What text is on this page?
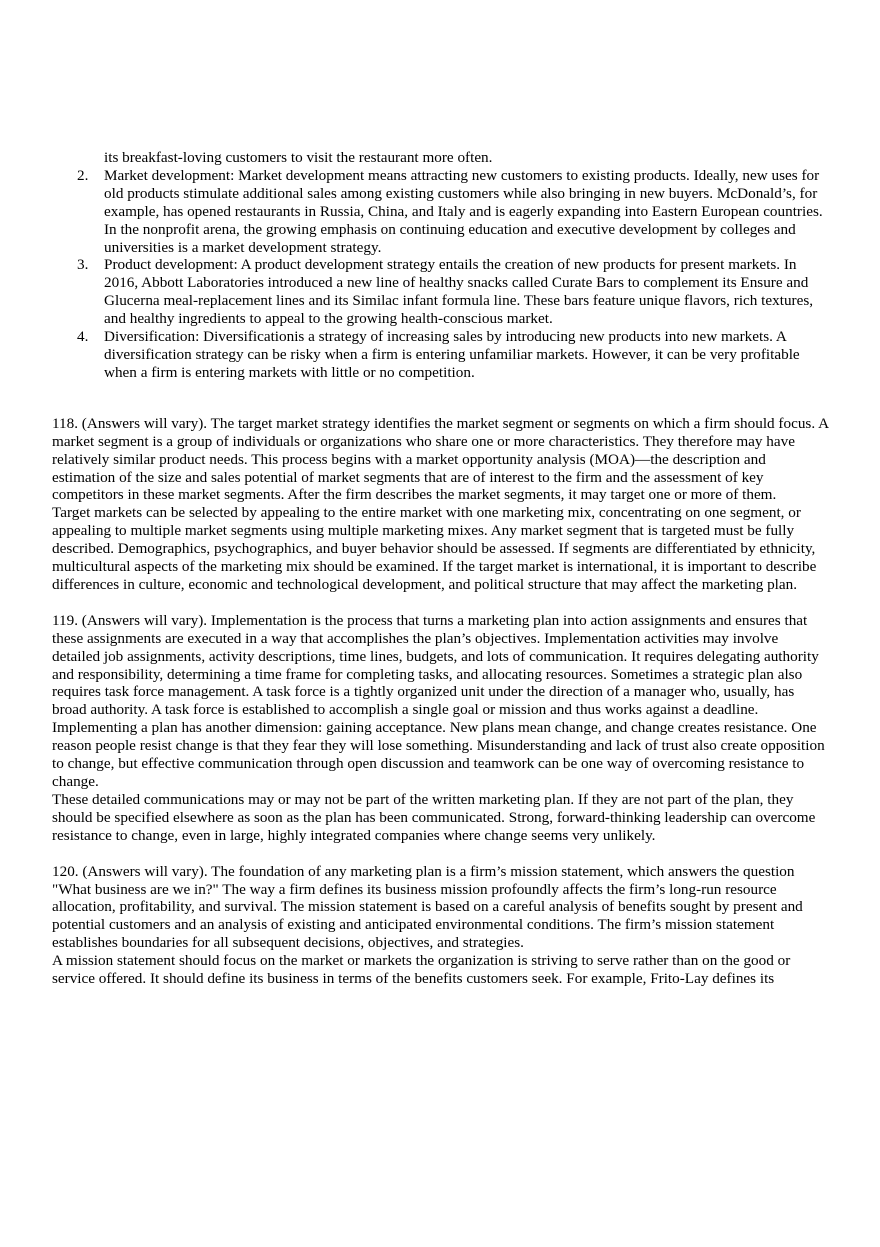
its breakfast-loving customers to visit the restaurant more often.

2. Market development: Market development means attracting new customers to existing products. Ideally, new uses for old products stimulate additional sales among existing customers while also bringing in new buyers. McDonald’s, for example, has opened restaurants in Russia, China, and Italy and is eagerly expanding into Eastern European countries. In the nonprofit arena, the growing emphasis on continuing education and executive development by colleges and universities is a market development strategy.
3. Product development: A product development strategy entails the creation of new products for present markets. In 2016, Abbott Laboratories introduced a new line of healthy snacks called Curate Bars to complement its Ensure and Glucerna meal-replacement lines and its Similac infant formula line. These bars feature unique flavors, rich textures, and healthy ingredients to appeal to the growing health-conscious market.
4. Diversification: Diversificationis a strategy of increasing sales by introducing new products into new markets. A diversification strategy can be risky when a firm is entering unfamiliar markets. However, it can be very profitable when a firm is entering markets with little or no competition.

118. (Answers will vary). The target market strategy identifies the market segment or segments on which a firm should focus. A market segment is a group of individuals or organizations who share one or more characteristics. They therefore may have relatively similar product needs. This process begins with a market opportunity analysis (MOA)—the description and estimation of the size and sales potential of market segments that are of interest to the firm and the assessment of key competitors in these market segments. After the firm describes the market segments, it may target one or more of them.

Target markets can be selected by appealing to the entire market with one marketing mix, concentrating on one segment, or appealing to multiple market segments using multiple marketing mixes. Any market segment that is targeted must be fully described. Demographics, psychographics, and buyer behavior should be assessed. If segments are differentiated by ethnicity, multicultural aspects of the marketing mix should be examined. If the target market is international, it is important to describe differences in culture, economic and technological development, and political structure that may affect the marketing plan.

119. (Answers will vary). Implementation is the process that turns a marketing plan into action assignments and ensures that these assignments are executed in a way that accomplishes the plan’s objectives. Implementation activities may involve detailed job assignments, activity descriptions, time lines, budgets, and lots of communication. It requires delegating authority and responsibility, determining a time frame for completing tasks, and allocating resources. Sometimes a strategic plan also requires task force management. A task force is a tightly organized unit under the direction of a manager who, usually, has broad authority. A task force is established to accomplish a single goal or mission and thus works against a deadline.

Implementing a plan has another dimension: gaining acceptance. New plans mean change, and change creates resistance. One reason people resist change is that they fear they will lose something. Misunderstanding and lack of trust also create opposition to change, but effective communication through open discussion and teamwork can be one way of overcoming resistance to change.

These detailed communications may or may not be part of the written marketing plan. If they are not part of the plan, they should be specified elsewhere as soon as the plan has been communicated. Strong, forward-thinking leadership can overcome resistance to change, even in large, highly integrated companies where change seems very unlikely.

120. (Answers will vary). The foundation of any marketing plan is a firm’s mission statement, which answers the question "What business are we in?" The way a firm defines its business mission profoundly affects the firm’s long-run resource allocation, profitability, and survival. The mission statement is based on a careful analysis of benefits sought by present and potential customers and an analysis of existing and anticipated environmental conditions. The firm’s mission statement establishes boundaries for all subsequent decisions, objectives, and strategies.

A mission statement should focus on the market or markets the organization is striving to serve rather than on the good or service offered. It should define its business in terms of the benefits customers seek. For example, Frito-Lay defines its
